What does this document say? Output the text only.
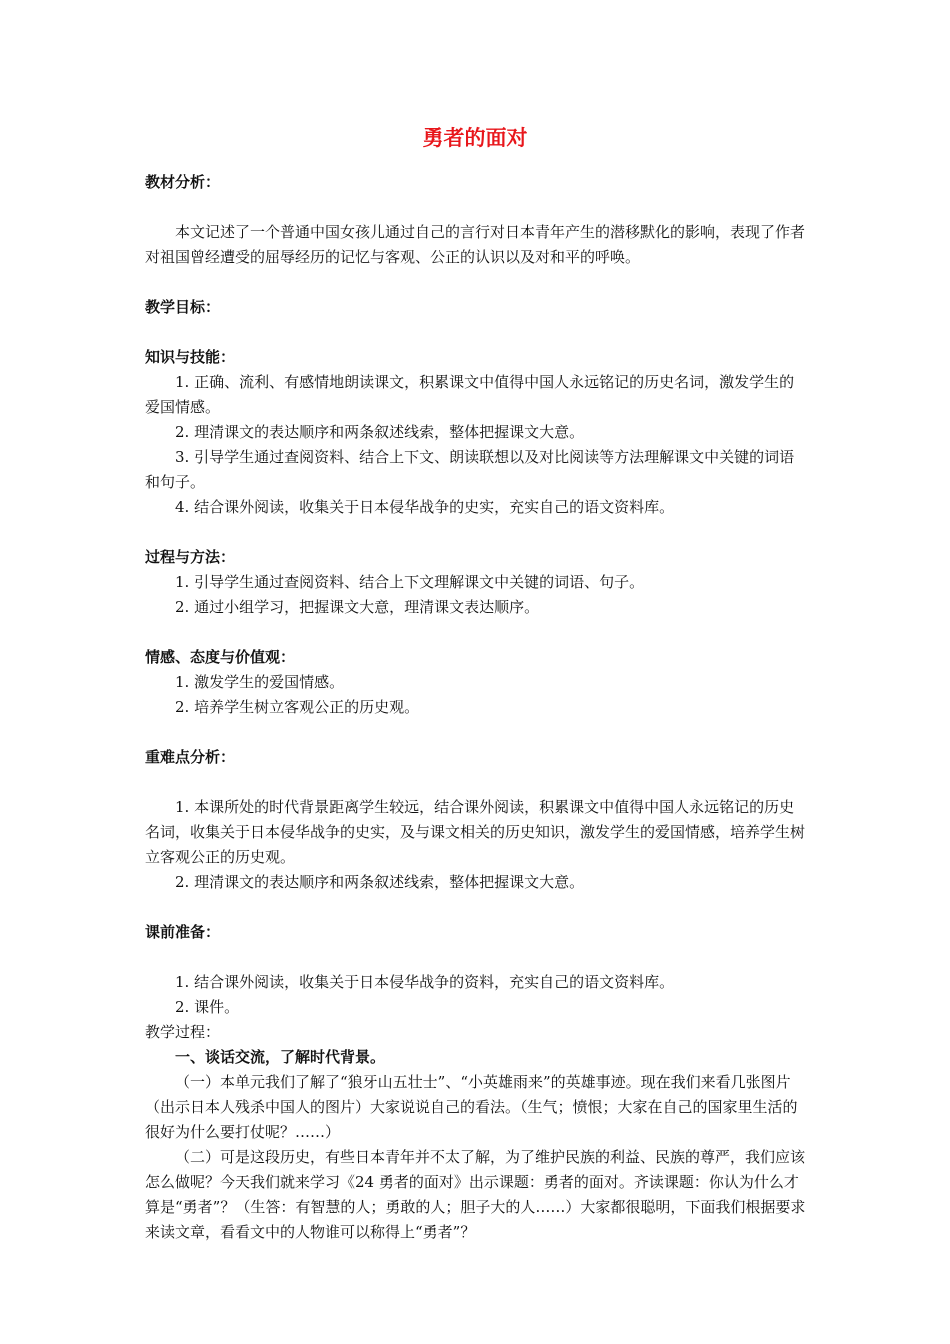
勇者的面对
教材分析：
本文记述了一个普通中国女孩儿通过自己的言行对日本青年产生的潜移默化的影响，表现了作者对祖国曾经遭受的屈辱经历的记忆与客观、公正的认识以及对和平的呼唤。
教学目标：
知识与技能：
1. 正确、流利、有感情地朗读课文，积累课文中值得中国人永远铭记的历史名词，激发学生的爱国情感。
2. 理清课文的表达顺序和两条叙述线索，整体把握课文大意。
3. 引导学生通过查阅资料、结合上下文、朗读联想以及对比阅读等方法理解课文中关键的词语和句子。
4. 结合课外阅读，收集关于日本侵华战争的史实，充实自己的语文资料库。
过程与方法：
1. 引导学生通过查阅资料、结合上下文理解课文中关键的词语、句子。
2. 通过小组学习，把握课文大意，理清课文表达顺序。
情感、态度与价值观：
1. 激发学生的爱国情感。
2. 培养学生树立客观公正的历史观。
重难点分析：
1. 本课所处的时代背景距离学生较远，结合课外阅读，积累课文中值得中国人永远铭记的历史名词，收集关于日本侵华战争的史实，及与课文相关的历史知识，激发学生的爱国情感，培养学生树立客观公正的历史观。
2. 理清课文的表达顺序和两条叙述线索，整体把握课文大意。
课前准备：
1. 结合课外阅读，收集关于日本侵华战争的资料，充实自己的语文资料库。
2. 课件。
教学过程：
一、谈话交流，了解时代背景。
（一）本单元我们了解了“狼牙山五壮士”、“小英雄雨来”的英雄事迹。现在我们来看几张图片（出示日本人残杀中国人的图片）大家说说自己的看法。（生气；愤恨；大家在自己的国家里生活的很好为什么要打仗呢？……）
（二）可是这段历史，有些日本青年并不太了解，为了维护民族的利益、民族的尊严，我们应该怎么做呢？今天我们就来学习《24 勇者的面对》出示课题：勇者的面对。齐读课题：你认为什么才算是“勇者”？（生答：有智慧的人；勇敢的人；胆子大的人……）大家都很聪明，下面我们根据要求来读文章，看看文中的人物谁可以称得上“勇者”？
